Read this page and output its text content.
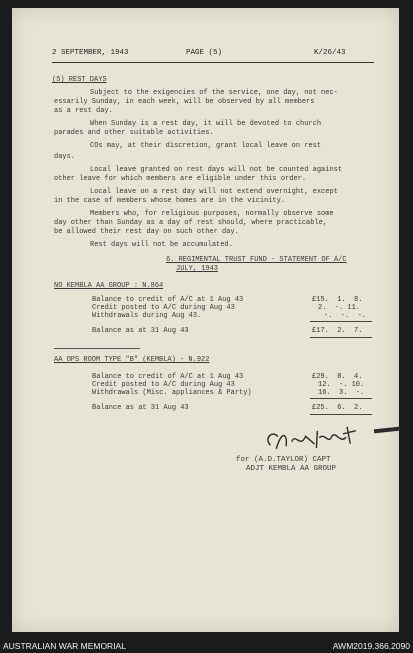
2 SEPTEMBER, 1943	PAGE (5)	K/26/43
(5) REST DAYS
Subject to the exigencies of the service, one day, not nec-
essarily Sunday, in each week, will be observed by all members
as a rest day.
When Sunday is a rest day, it will be devoted to church
parades and other suitable activities.
COs may, at their discretion, grant local leave on rest
days.
Local leave granted on rest days will not be counted against
other leave for which members are eligible under this order.
Local leave on a rest day will not extend overnight, except
in the case of members whose homes are in the vicinity.
Members who, for religious purposes, normally observe some
day other than Sunday as a day of rest should, where practicable,
be allowed their rest day on such other day.
Rest days will not be accumulated.
6. REGIMENTAL TRUST FUND - STATEMENT OF A/C
JULY, 1943
NO KEMBLA AA GROUP : N.864
Balance to credit of A/C at 1 Aug 43	£15.  1.  8.
Credit posted to A/C during Aug 43	2.  -. 11.
Withdrawals during Aug 43.	-.  -.  -.
Balance as at 31 Aug 43	£17.  2.  7.
AA OPS ROOM TYPE "B" (KEMBLA) - N.922
Balance to credit of A/C at 1 Aug 43	£29.  8.  4.
Credit posted to A/C during Aug 43	12.  -. 10.
Withdrawals (Misc. appliances & Party)	16.  3.  -.
Balance as at 31 Aug 43	£25.  6.  2.
for (A.D.TAYLOR) CAPT
ADJT KEMBLA AA GROUP
AUSTRALIAN WAR MEMORIAL	AWM2019.366.2090
